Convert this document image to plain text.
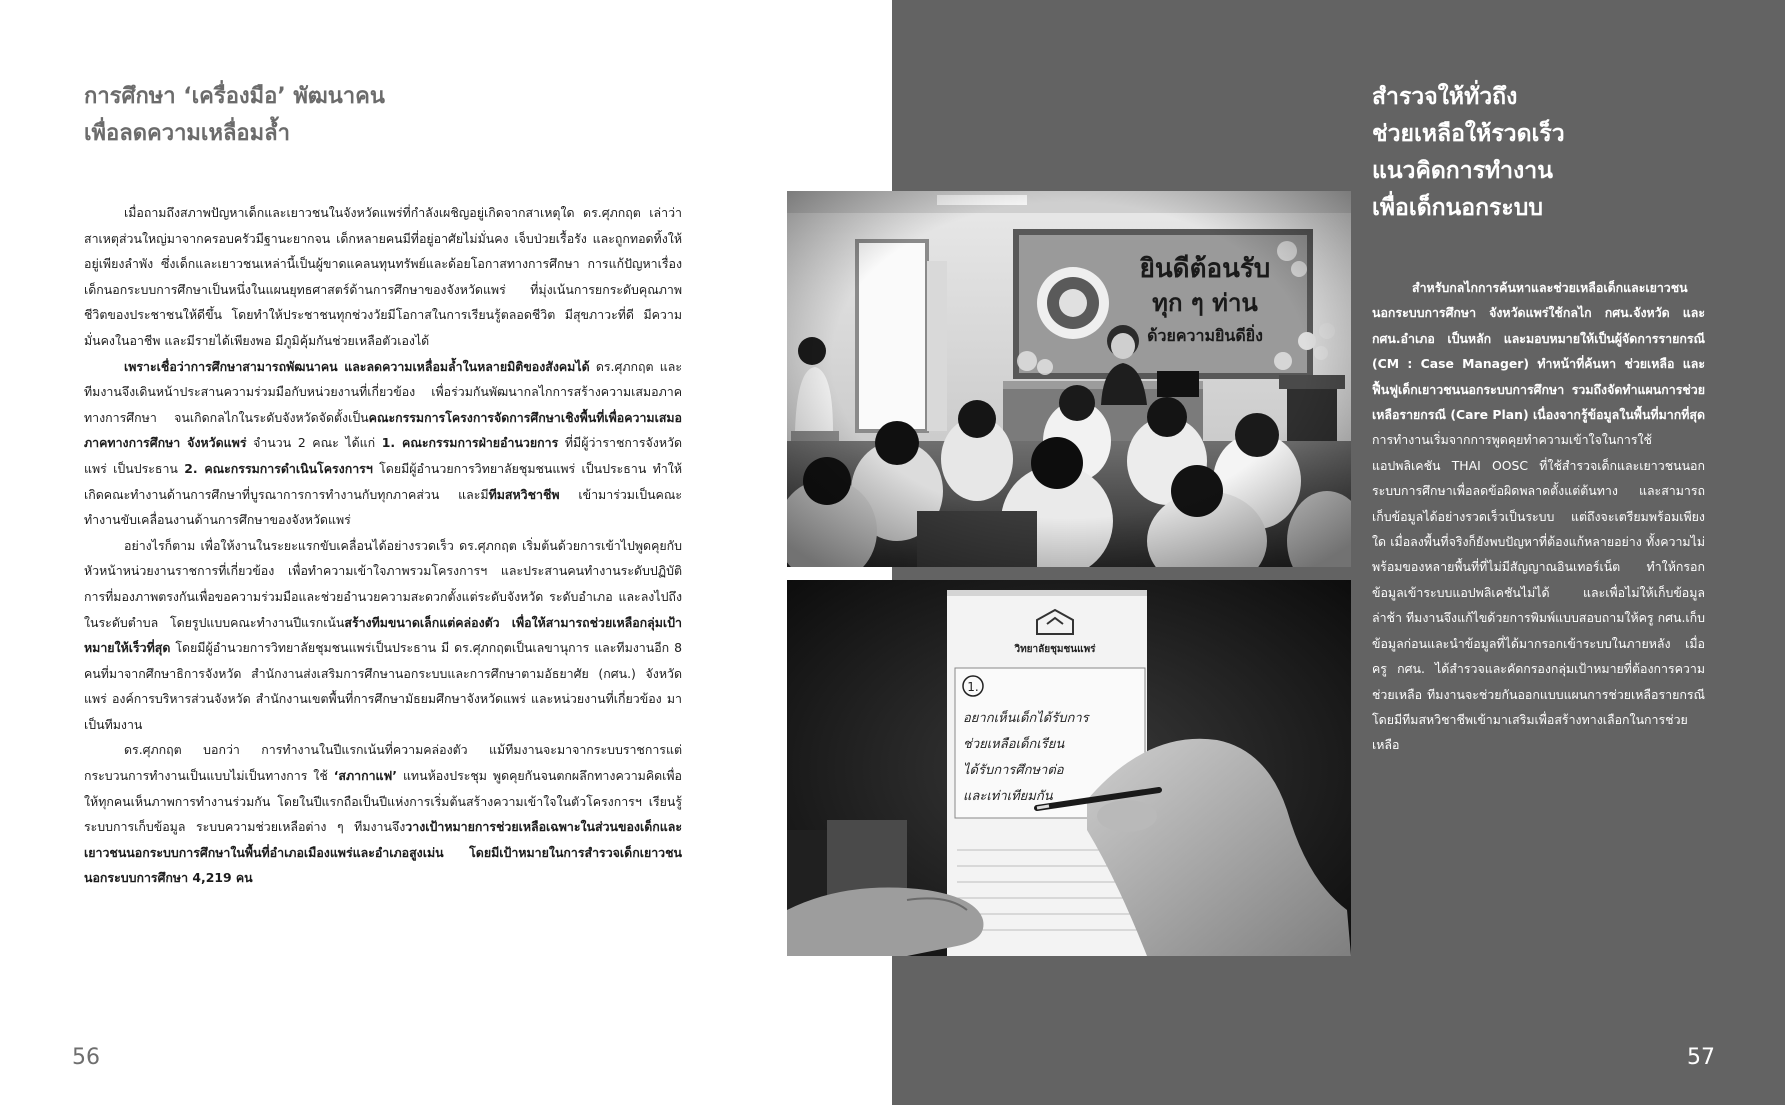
การศึกษา ‘เครื่องมือ’ พัฒนาคน
เพื่อลดความเหลื่อมล้ำ

เมื่อถามถึงสภาพปัญหาเด็กและเยาวชนในจังหวัดแพร่ที่กำลังเผชิญอยู่เกิดจากสาเหตุใด ดร.ศุภกฤต เล่าว่า สาเหตุส่วนใหญ่มาจากครอบครัวมีฐานะยากจน เด็กหลายคนมีที่อยู่อาศัยไม่มั่นคง เจ็บป่วยเรื้อรัง และถูกทอดทิ้งให้อยู่เพียงลำพัง ซึ่งเด็กและเยาวชนเหล่านี้เป็นผู้ขาดแคลนทุนทรัพย์และด้อยโอกาสทางการศึกษา การแก้ปัญหาเรื่องเด็กนอกระบบการศึกษาเป็นหนึ่งในแผนยุทธศาสตร์ด้านการศึกษาของจังหวัดแพร่ ที่มุ่งเน้นการยกระดับคุณภาพชีวิตของประชาชนให้ดีขึ้น โดยทำให้ประชาชนทุกช่วงวัยมีโอกาสในการเรียนรู้ตลอดชีวิต มีสุขภาวะที่ดี มีความมั่นคงในอาชีพ และมีรายได้เพียงพอ มีภูมิคุ้มกันช่วยเหลือตัวเองได้

เพราะเชื่อว่าการศึกษาสามารถพัฒนาคน และลดความเหลื่อมล้ำในหลายมิติของสังคมได้ ดร.ศุภกฤต และทีมงานจึงเดินหน้าประสานความร่วมมือกับหน่วยงานที่เกี่ยวข้อง เพื่อร่วมกันพัฒนากลไกการสร้างความเสมอภาคทางการศึกษา จนเกิดกลไกในระดับจังหวัดจัดตั้งเป็นคณะกรรมการโครงการจัดการศึกษาเชิงพื้นที่เพื่อความเสมอภาคทางการศึกษา จังหวัดแพร่ จำนวน 2 คณะ ได้แก่ 1. คณะกรรมการฝ่ายอำนวยการ ที่มีผู้ว่าราชการจังหวัดแพร่ เป็นประธาน 2. คณะกรรมการดำเนินโครงการฯ โดยมีผู้อำนวยการวิทยาลัยชุมชนแพร่ เป็นประธาน ทำให้เกิดคณะทำงานด้านการศึกษาที่บูรณาการการทำงานกับทุกภาคส่วน และมีทีมสหวิชาชีพ เข้ามาร่วมเป็นคณะทำงานขับเคลื่อนงานด้านการศึกษาของจังหวัดแพร่

อย่างไรก็ตาม เพื่อให้งานในระยะแรกขับเคลื่อนได้อย่างรวดเร็ว ดร.ศุภกฤต เริ่มต้นด้วยการเข้าไปพูดคุยกับหัวหน้าหน่วยงานราชการที่เกี่ยวข้อง เพื่อทำความเข้าใจภาพรวมโครงการฯ และประสานคนทำงานระดับปฏิบัติการที่มองภาพตรงกันเพื่อขอความร่วมมือและช่วยอำนวยความสะดวกตั้งแต่ระดับจังหวัด ระดับอำเภอ และลงไปถึงในระดับตำบล โดยรูปแบบคณะทำงานปีแรกเน้นสร้างทีมขนาดเล็กแต่คล่องตัว เพื่อให้สามารถช่วยเหลือกลุ่มเป้าหมายให้เร็วที่สุด โดยมีผู้อำนวยการวิทยาลัยชุมชนแพร่เป็นประธาน มี ดร.ศุภกฤตเป็นเลขานุการ และทีมงานอีก 8 คนที่มาจากศึกษาธิการจังหวัด สำนักงานส่งเสริมการศึกษานอกระบบและการศึกษาตามอัธยาศัย (กศน.) จังหวัดแพร่ องค์การบริหารส่วนจังหวัด สำนักงานเขตพื้นที่การศึกษามัธยมศึกษาจังหวัดแพร่ และหน่วยงานที่เกี่ยวข้อง มาเป็นทีมงาน

ดร.ศุภกฤต บอกว่า การทำงานในปีแรกเน้นที่ความคล่องตัว แม้ทีมงานจะมาจากระบบราชการแต่กระบวนการทำงานเป็นแบบไม่เป็นทางการ ใช้ ‘สภากาแฟ’ แทนห้องประชุม พูดคุยกันจนตกผลึกทางความคิดเพื่อให้ทุกคนเห็นภาพการทำงานร่วมกัน โดยในปีแรกถือเป็นปีแห่งการเริ่มต้นสร้างความเข้าใจในตัวโครงการฯ เรียนรู้ระบบการเก็บข้อมูล ระบบความช่วยเหลือต่าง ๆ ทีมงานจึงวางเป้าหมายการช่วยเหลือเฉพาะในส่วนของเด็กและเยาวชนนอกระบบการศึกษาในพื้นที่อำเภอเมืองแพร่และอำเภอสูงเม่น โดยมีเป้าหมายในการสำรวจเด็กเยาวชนนอกระบบการศึกษา 4,219 คน

56
สำรวจให้ทั่วถึง
ช่วยเหลือให้รวดเร็ว
แนวคิดการทำงาน
เพื่อเด็กนอกระบบ

สำหรับกลไกการค้นหาและช่วยเหลือเด็กและเยาวชนนอกระบบการศึกษา จังหวัดแพร่ใช้กลไก กศน.จังหวัด และ กศน.อำเภอ เป็นหลัก และมอบหมายให้เป็นผู้จัดการรายกรณี (CM : Case Manager) ทำหน้าที่ค้นหา ช่วยเหลือ และฟื้นฟูเด็กเยาวชนนอกระบบการศึกษา รวมถึงจัดทำแผนการช่วยเหลือรายกรณี (Care Plan) เนื่องจากรู้ข้อมูลในพื้นที่มากที่สุด การทำงานเริ่มจากการพูดคุยทำความเข้าใจในการใช้แอปพลิเคชัน THAI OOSC ที่ใช้สำรวจเด็กและเยาวชนนอกระบบการศึกษาเพื่อลดข้อผิดพลาดตั้งแต่ต้นทาง และสามารถเก็บข้อมูลได้อย่างรวดเร็วเป็นระบบ แต่ถึงจะเตรียมพร้อมเพียงใด เมื่อลงพื้นที่จริงก็ยังพบปัญหาที่ต้องแก้หลายอย่าง ทั้งความไม่พร้อมของหลายพื้นที่ที่ไม่มีสัญญาณอินเทอร์เน็ต ทำให้กรอกข้อมูลเข้าระบบแอปพลิเคชันไม่ได้ และเพื่อไม่ให้เก็บข้อมูลล่าช้า ทีมงานจึงแก้ไขด้วยการพิมพ์แบบสอบถามให้ครู กศน.เก็บข้อมูลก่อนและนำข้อมูลที่ได้มากรอกเข้าระบบในภายหลัง เมื่อ ครู กศน. ได้สำรวจและคัดกรองกลุ่มเป้าหมายที่ต้องการความช่วยเหลือ ทีมงานจะช่วยกันออกแบบแผนการช่วยเหลือรายกรณี โดยมีทีมสหวิชาชีพเข้ามาเสริมเพื่อสร้างทางเลือกในการช่วยเหลือ

57
วิทยาลัยชุมชนแพร่
1.
อยากเห็นเด็กได้รับการ
ช่วยเหลือเด็กเรียน
ได้รับการศึกษาต่อ
และเท่าเทียมกัน
